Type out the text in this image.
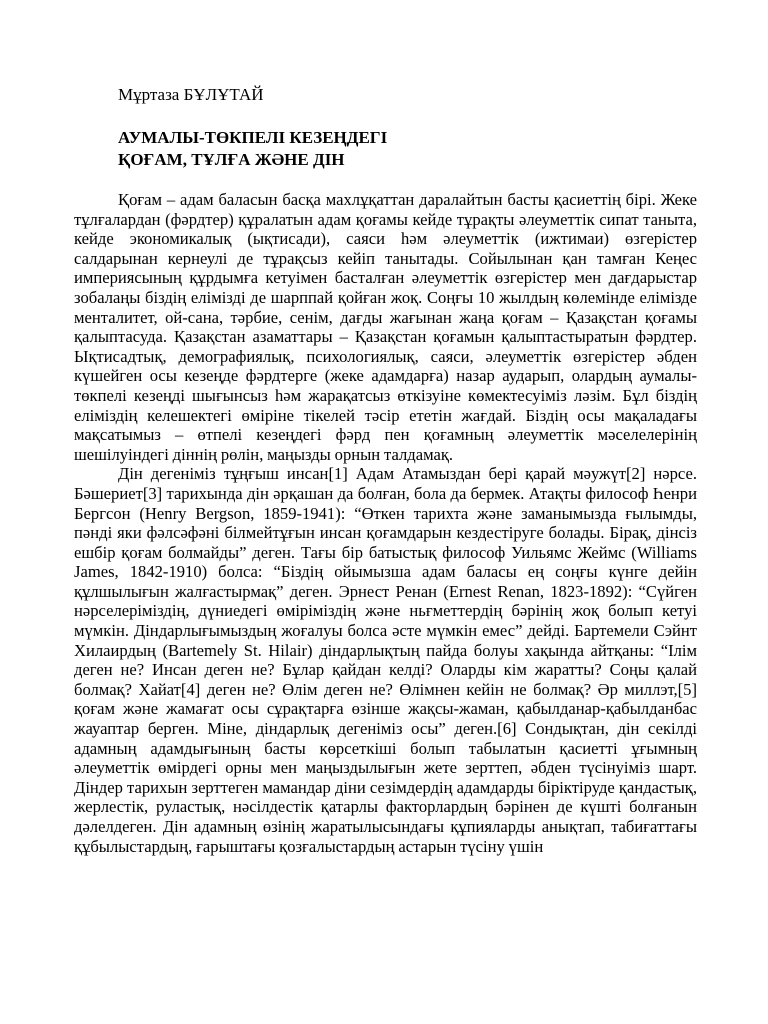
Мұртаза БҰЛҰТАЙ
АУМАЛЫ-ТӨКПЕЛІ КЕЗЕҢДЕГІ
ҚОҒАМ, ТҰЛҒА ЖӘНЕ ДІН

Қоғам – адам баласын басқа махлұқаттан даралайтын басты қасиеттің бірі. Жеке тұлғалардан (фәрдтер) құралатын адам қоғамы кейде тұрақты әлеуметтік сипат таныта, кейде экономикалық (ықтисади), саяси һәм әлеуметтік (ижтимаи) өзгерістер салдарынан кернеулі де тұрақсыз кейіп танытады. Сойылынан қан тамған Кеңес империясының құрдымға кетуімен басталған әлеуметтік өзгерістер мен дағдарыстар зобалаңы біздің елімізді де шарппай қойған жоқ. Соңғы 10 жылдың көлемінде елімізде менталитет, ой-сана, тәрбие, сенім, дағды жағынан жаңа қоғам – Қазақстан қоғамы қалыптасуда. Қазақстан азаматтары – Қазақстан қоғамын қалыптастыратын фәрдтер. Ықтисадтық, демографиялық, психологиялық, саяси, әлеуметтік өзгерістер әбден күшейген осы кезеңде фәрдтерге (жеке адамдарға) назар аударып, олардың аумалы-төкпелі кезеңді шығынсыз һәм жарақатсыз өткізуіне көмектесуіміз ләзім. Бұл біздің еліміздің келешектегі өміріне тікелей тәсір ететін жағдай. Біздің осы мақаладағы мақсатымыз – өтпелі кезеңдегі фәрд пен қоғамның әлеуметтік мәселелерінің шешілуіндегі діннің рөлін, маңызды орнын талдамақ.

Дін дегеніміз тұңғыш инсан[1] Адам Атамыздан бері қарай мәужүт[2] нәрсе. Бәшериет[3] тарихында дін әрқашан да болған, бола да бермек. Атақты философ Һенри Бергсон (Henry Bergson, 1859-1941): “Өткен тарихта және заманымызда ғылымды, пәнді яки фәлсәфәні білмейтұғын инсан қоғамдарын кездестіруге болады. Бірақ, дінсіз ешбір қоғам болмайды” деген. Тағы бір батыстық философ Уильямс Жеймс (Williams James, 1842-1910) болса: “Біздің ойымызша адам баласы ең соңғы күнге дейін құлшылығын жалғастырмақ” деген. Эрнест Ренан (Ernest Renan, 1823-1892): “Сүйген нәрселеріміздің, дүниедегі өміріміздің және ньғметтердің бәрінің жоқ болып кетуі мүмкін. Діндарлығымыздың жоғалуы болса әсте мүмкін емес” дейді. Бартемели Сэйнт Хилаирдың (Bartemely St. Hilair) діндарлықтың пайда болуы хақында айтқаны: “Ілім деген не? Инсан деген не? Бұлар қайдан келді? Оларды кім жаратты? Соңы қалай болмақ? Хайат[4] деген не? Өлім деген не? Өлімнен кейін не болмақ? Әр миллэт,[5] қоғам және жамағат осы сұрақтарға өзінше жақсы-жаман, қабылданар-қабылданбас жауаптар берген. Міне, діндарлық дегеніміз осы” деген.[6] Сондықтан, дін секілді адамның адамдығының басты көрсеткіші болып табылатын қасиетті ұғымның әлеуметтік өмірдегі орны мен маңыздылығын жете зерттеп, әбден түсінуіміз шарт. Діндер тарихын зерттеген мамандар діни сезімдердің адамдарды біріктіруде қандастық, жерлестік, руластық, нәсілдестік қатарлы факторлардың бәрінен де күшті болғанын дәлелдеген. Дін адамның өзінің жаратылысындағы құпияларды анықтап, табиғаттағы құбылыстардың, ғарыштағы қозғалыстардың астарын түсіну үшін
